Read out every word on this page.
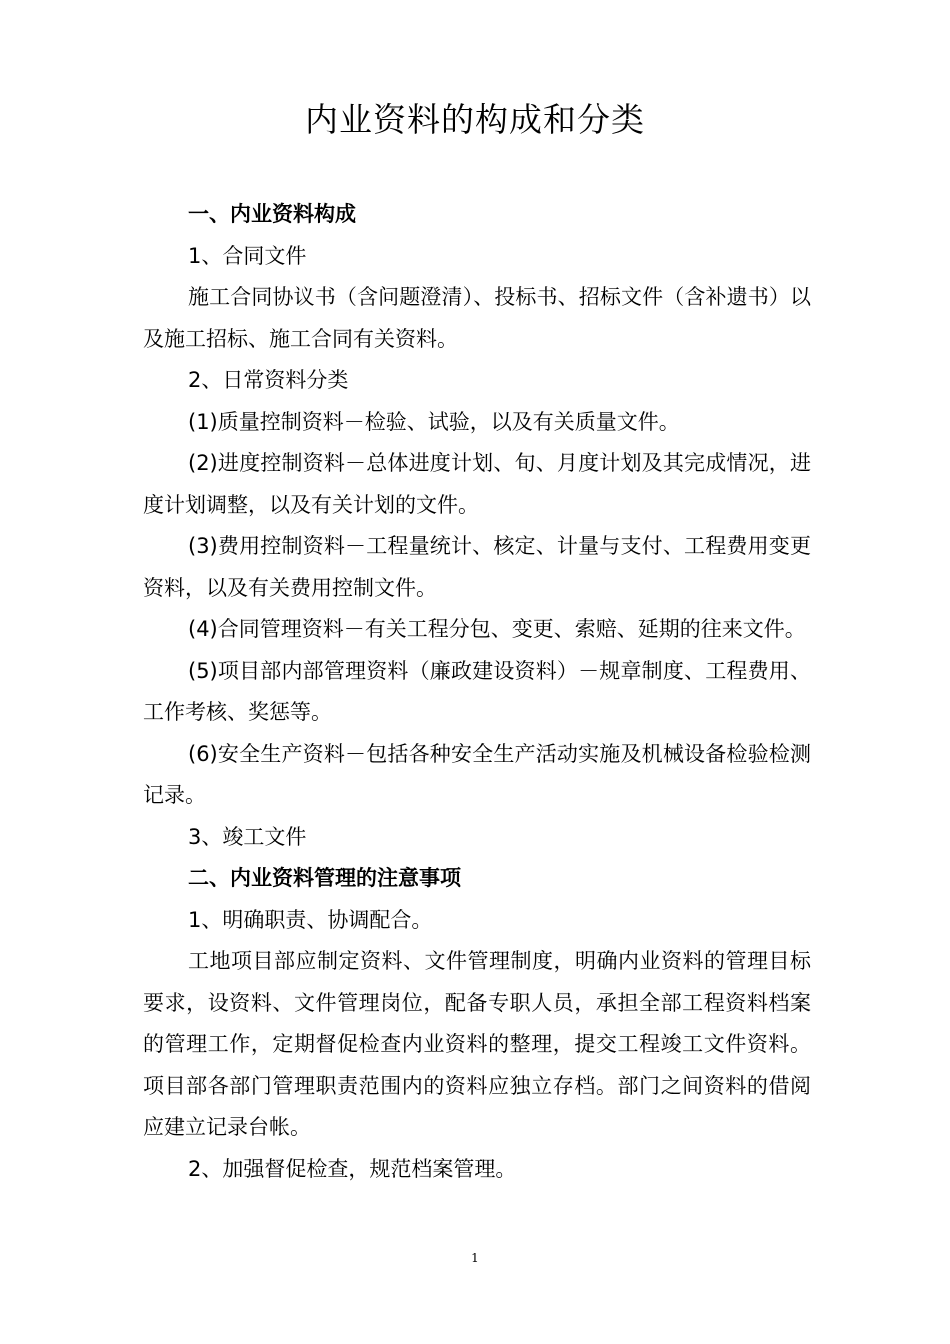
内业资料的构成和分类

一、内业资料构成

1、合同文件

施工合同协议书（含问题澄清）、投标书、招标文件（含补遗书）以及施工招标、施工合同有关资料。

2、日常资料分类

(1)质量控制资料－检验、试验，以及有关质量文件。

(2)进度控制资料－总体进度计划、旬、月度计划及其完成情况，进度计划调整，以及有关计划的文件。

(3)费用控制资料－工程量统计、核定、计量与支付、工程费用变更资料，以及有关费用控制文件。

(4)合同管理资料－有关工程分包、变更、索赔、延期的往来文件。

(5)项目部内部管理资料（廉政建设资料）－规章制度、工程费用、工作考核、奖惩等。

(6)安全生产资料－包括各种安全生产活动实施及机械设备检验检测记录。

3、竣工文件

二、内业资料管理的注意事项

1、明确职责、协调配合。

工地项目部应制定资料、文件管理制度，明确内业资料的管理目标要求，设资料、文件管理岗位，配备专职人员，承担全部工程资料档案的管理工作，定期督促检查内业资料的整理，提交工程竣工文件资料。项目部各部门管理职责范围内的资料应独立存档。部门之间资料的借阅应建立记录台帐。

2、加强督促检查，规范档案管理。

1
